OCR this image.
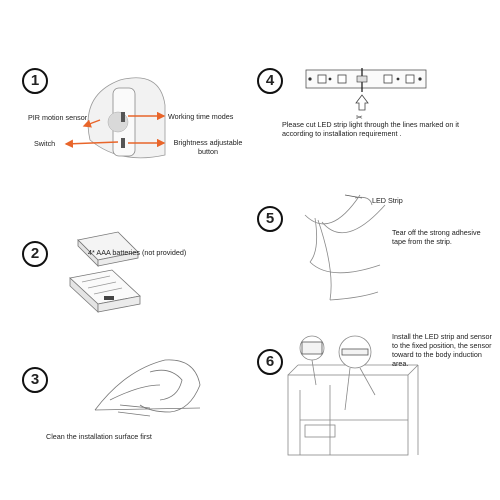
1
2
3
4
5
6
✂
PIR motion sensor
Switch
Working time modes
Brightness adjustable button
4* AAA batteries (not provided)
Clean the installation surface first
Please cut LED strip light through the lines marked on it according to installation requirement .
LED Strip
Tear off the strong adhesive tape from the strip.
Install the LED strip and sensor to the fixed position, the sensor toward to the body induction area.
